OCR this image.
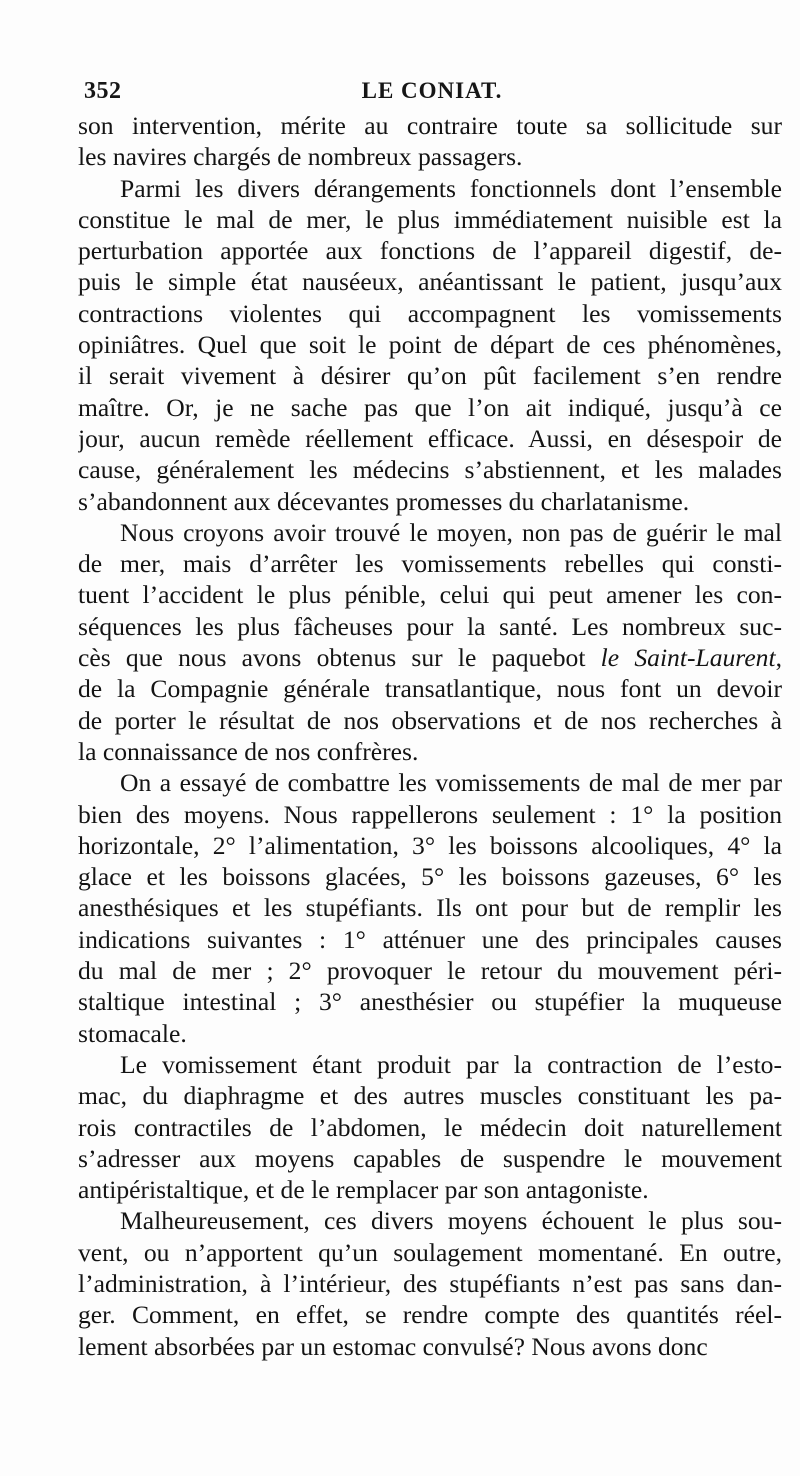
352	LE CONIAT.
son intervention, mérite au contraire toute sa sollicitude sur
les navires chargés de nombreux passagers.
Parmi les divers dérangements fonctionnels dont l’ensemble
constitue le mal de mer, le plus immédiatement nuisible est la
perturbation apportée aux fonctions de l’appareil digestif, de-
puis le simple état nauséeux, anéantissant le patient, jusqu’aux
contractions violentes qui accompagnent les vomissements
opiniâtres. Quel que soit le point de départ de ces phénomènes,
il serait vivement à désirer qu’on pût facilement s’en rendre
maître. Or, je ne sache pas que l’on ait indiqué, jusqu’à ce
jour, aucun remède réellement efficace. Aussi, en désespoir de
cause, généralement les médecins s’abstiennent, et les malades
s’abandonnent aux décevantes promesses du charlatanisme.
Nous croyons avoir trouvé le moyen, non pas de guérir le mal
de mer, mais d’arrêter les vomissements rebelles qui consti-
tuent l’accident le plus pénible, celui qui peut amener les con-
séquences les plus fâcheuses pour la santé. Les nombreux suc-
cès que nous avons obtenus sur le paquebot le Saint-Laurent,
de la Compagnie générale transatlantique, nous font un devoir
de porter le résultat de nos observations et de nos recherches à
la connaissance de nos confrères.
On a essayé de combattre les vomissements de mal de mer par
bien des moyens. Nous rappellerons seulement : 1° la position
horizontale, 2° l’alimentation, 3° les boissons alcooliques, 4° la
glace et les boissons glacées, 5° les boissons gazeuses, 6° les
anesthésiques et les stupéfiants. Ils ont pour but de remplir les
indications suivantes : 1° atténuer une des principales causes
du mal de mer ; 2° provoquer le retour du mouvement péri-
staltique intestinal ; 3° anesthésier ou stupéfier la muqueuse
stomacale.
Le vomissement étant produit par la contraction de l’esto-
mac, du diaphragme et des autres muscles constituant les pa-
rois contractiles de l’abdomen, le médecin doit naturellement
s’adresser aux moyens capables de suspendre le mouvement
antipéristaltique, et de le remplacer par son antagoniste.
Malheureusement, ces divers moyens échouent le plus sou-
vent, ou n’apportent qu’un soulagement momentané. En outre,
l’administration, à l’intérieur, des stupéfiants n’est pas sans dan-
ger. Comment, en effet, se rendre compte des quantités réel-
lement absorbées par un estomac convulsé? Nous avons donc
